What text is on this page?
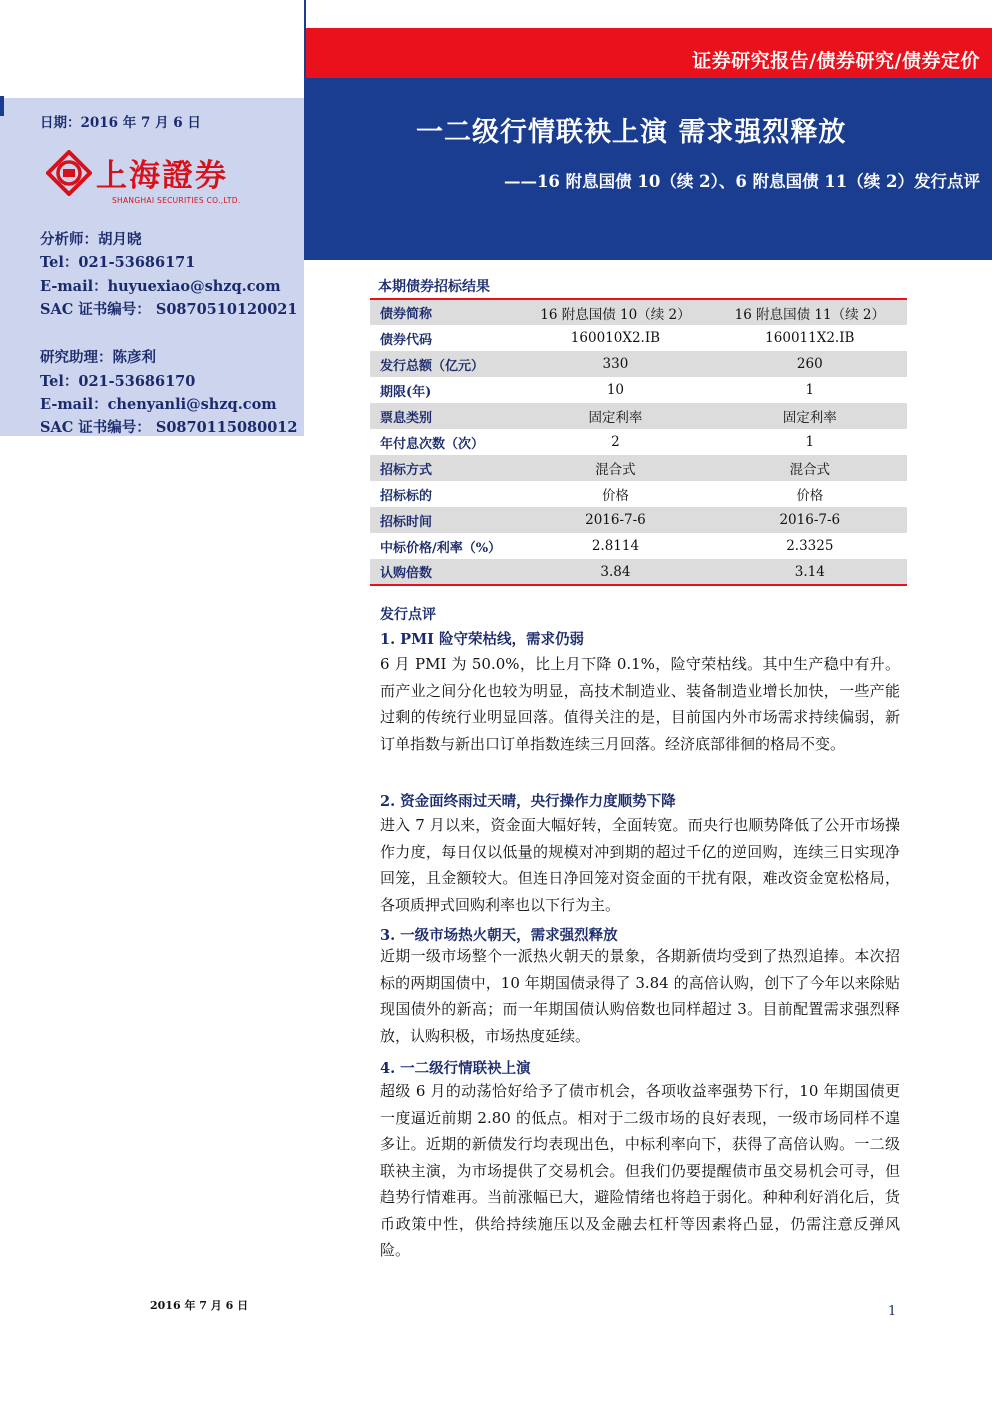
证券研究报告/债券研究/债券定价
一二级行情联袂上演 需求强烈释放
——16 附息国债 10（续 2）、6 附息国债 11（续 2）发行点评
日期：2016 年 7 月 6 日
上海證券
SHANGHAI SECURITIES CO.,LTD.
分析师：胡月晓
Tel：021-53686171
E-mail：huyuexiao@shzq.com
SAC 证书编号： S0870510120021
研究助理：陈彦利
Tel：021-53686170
E-mail：chenyanli@shzq.com
SAC 证书编号： S0870115080012
本期债券招标结果
债券简称	16 附息国债 10（续 2）	16 附息国债 11（续 2）
债券代码	160010X2.IB	160011X2.IB
发行总额（亿元）	330	260
期限(年)	10	1
票息类别	固定利率	固定利率
年付息次数（次）	2	1
招标方式	混合式	混合式
招标标的	价格	价格
招标时间	2016-7-6	2016-7-6
中标价格/利率（%）	2.8114	2.3325
认购倍数	3.84	3.14
发行点评
1. PMI 险守荣枯线，需求仍弱
6 月 PMI 为 50.0%，比上月下降 0.1%，险守荣枯线。其中生产稳中有升。而产业之间分化也较为明显，高技术制造业、装备制造业增长加快，一些产能过剩的传统行业明显回落。值得关注的是，目前国内外市场需求持续偏弱，新订单指数与新出口订单指数连续三月回落。经济底部徘徊的格局不变。
2. 资金面终雨过天晴，央行操作力度顺势下降
进入 7 月以来，资金面大幅好转，全面转宽。而央行也顺势降低了公开市场操作力度，每日仅以低量的规模对冲到期的超过千亿的逆回购，连续三日实现净回笼，且金额较大。但连日净回笼对资金面的干扰有限，难改资金宽松格局，各项质押式回购利率也以下行为主。
3. 一级市场热火朝天，需求强烈释放
近期一级市场整个一派热火朝天的景象，各期新债均受到了热烈追捧。本次招标的两期国债中，10 年期国债录得了 3.84 的高倍认购，创下了今年以来除贴现国债外的新高；而一年期国债认购倍数也同样超过 3。目前配置需求强烈释放，认购积极，市场热度延续。
4. 一二级行情联袂上演
超级 6 月的动荡恰好给予了债市机会，各项收益率强势下行，10 年期国债更一度逼近前期 2.80 的低点。相对于二级市场的良好表现，一级市场同样不遑多让。近期的新债发行均表现出色，中标利率向下，获得了高倍认购。一二级联袂主演，为市场提供了交易机会。但我们仍要提醒债市虽交易机会可寻，但趋势行情难再。当前涨幅已大，避险情绪也将趋于弱化。种种利好消化后，货币政策中性，供给持续施压以及金融去杠杆等因素将凸显，仍需注意反弹风险。
2016 年 7 月 6 日	1
